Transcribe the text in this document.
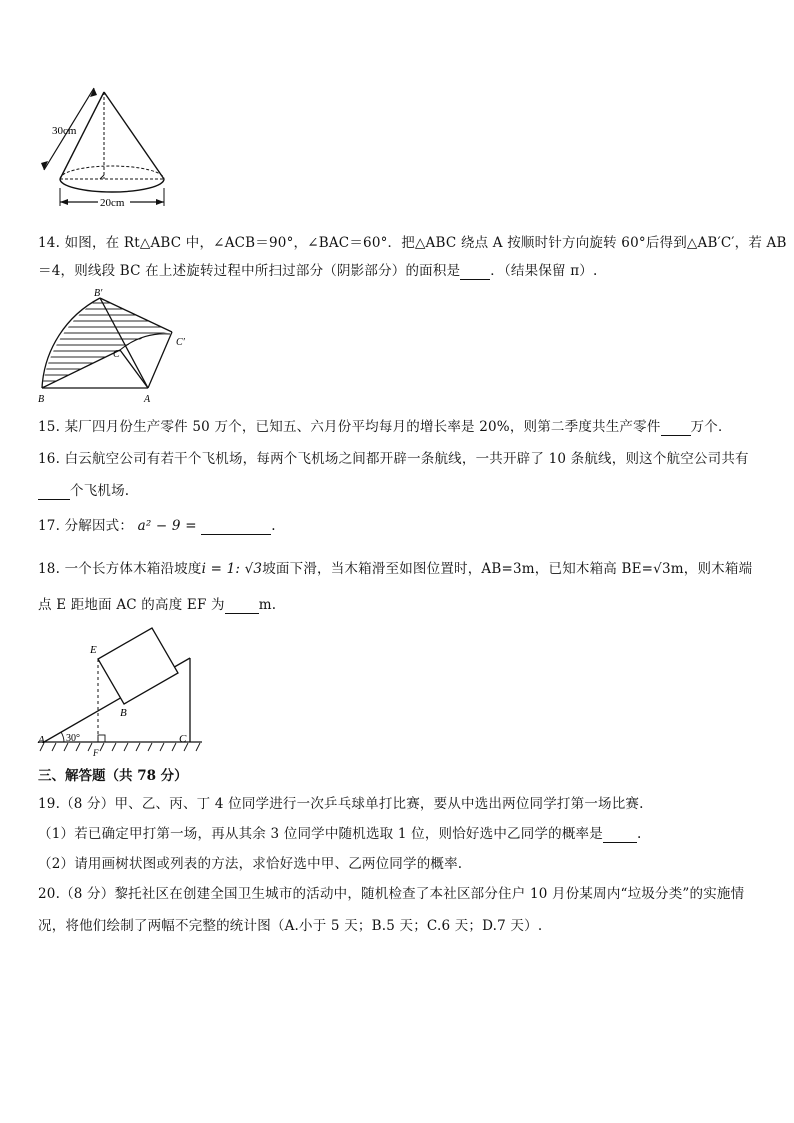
30cm
20cm
14. 如图，在 Rt△ABC 中，∠ACB＝90°，∠BAC＝60°．把△ABC 绕点 A 按顺时针方向旋转 60°后得到△AB′C′，若 AB
＝4，则线段 BC 在上述旋转过程中所扫过部分（阴影部分）的面积是 ．（结果保留 π）.
B′
C′
C
B	A
15. 某厂四月份生产零件 50 万个，已知五、六月份平均每月的增长率是 20%，则第二季度共生产零件 万个．
16. 白云航空公司有若干个飞机场，每两个飞机场之间都开辟一条航线，一共开辟了 10 条航线，则这个航空公司共有
个飞机场.
17. 分解因式： a² − 9 =	.
18. 一个长方体木箱沿坡度i = 1: √3坡面下滑，当木箱滑至如图位置时，AB=3m，已知木箱高 BE=√3m，则木箱端
点 E 距地面 AC 的高度 EF 为	m.
E
B
A 30°	C
F
三、解答题（共 78 分）
19.（8 分）甲、乙、丙、丁 4 位同学进行一次乒乓球单打比赛，要从中选出两位同学打第一场比赛.
（1）若已确定甲打第一场，再从其余 3 位同学中随机选取 1 位，则恰好选中乙同学的概率是	.
（2）请用画树状图或列表的方法，求恰好选中甲、乙两位同学的概率.
20.（8 分）黎托社区在创建全国卫生城市的活动中，随机检查了本社区部分住户 10 月份某周内“垃圾分类”的实施情
况，将他们绘制了两幅不完整的统计图（A.小于 5 天；B.5 天；C.6 天；D.7 天）.
